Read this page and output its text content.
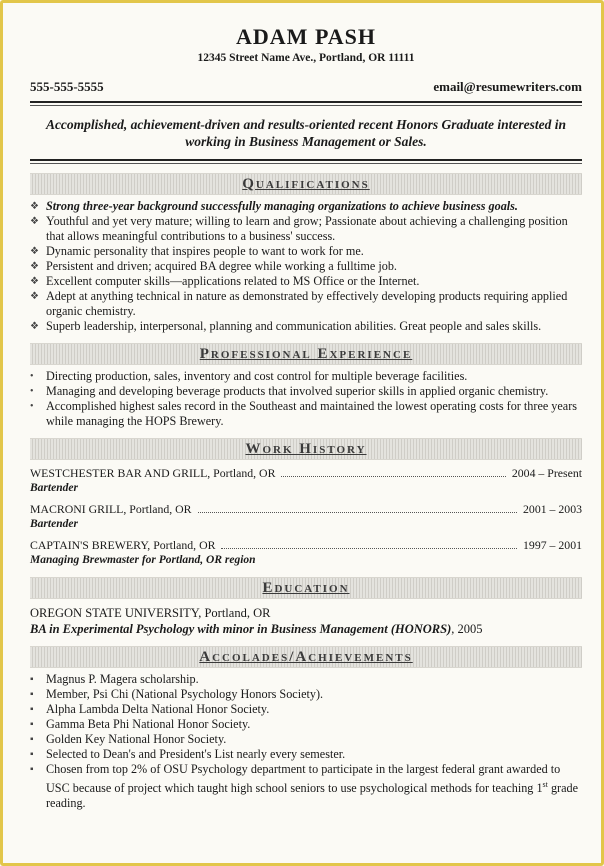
ADAM PASH
12345 Street Name Ave., Portland, OR 11111
555-555-5555	email@resumewriters.com
Accomplished, achievement-driven and results-oriented recent Honors Graduate interested in working in Business Management or Sales.
Qualifications
❖ Strong three-year background successfully managing organizations to achieve business goals.
❖ Youthful and yet very mature; willing to learn and grow; Passionate about achieving a challenging position that allows meaningful contributions to a business' success.
❖ Dynamic personality that inspires people to want to work for me.
❖ Persistent and driven; acquired BA degree while working a fulltime job.
❖ Excellent computer skills—applications related to MS Office or the Internet.
❖ Adept at anything technical in nature as demonstrated by effectively developing products requiring applied organic chemistry.
❖ Superb leadership, interpersonal, planning and communication abilities. Great people and sales skills.
Professional Experience
• Directing production, sales, inventory and cost control for multiple beverage facilities.
• Managing and developing beverage products that involved superior skills in applied organic chemistry.
• Accomplished highest sales record in the Southeast and maintained the lowest operating costs for three years while managing the HOPS Brewery.
Work History
WESTCHESTER BAR AND GRILL, Portland, OR	2004 – Present
Bartender
MACRONI GRILL, Portland, OR	2001 – 2003
Bartender
CAPTAIN'S BREWERY, Portland, OR	1997 – 2001
Managing Brewmaster for Portland, OR region
Education
OREGON STATE UNIVERSITY, Portland, OR
BA in Experimental Psychology with minor in Business Management (HONORS), 2005
Accolades/Achievements
▪ Magnus P. Magera scholarship.
▪ Member, Psi Chi (National Psychology Honors Society).
▪ Alpha Lambda Delta National Honor Society.
▪ Gamma Beta Phi National Honor Society.
▪ Golden Key National Honor Society.
▪ Selected to Dean's and President's List nearly every semester.
▪ Chosen from top 2% of OSU Psychology department to participate in the largest federal grant awarded to USC because of project which taught high school seniors to use psychological methods for teaching 1st grade reading.
